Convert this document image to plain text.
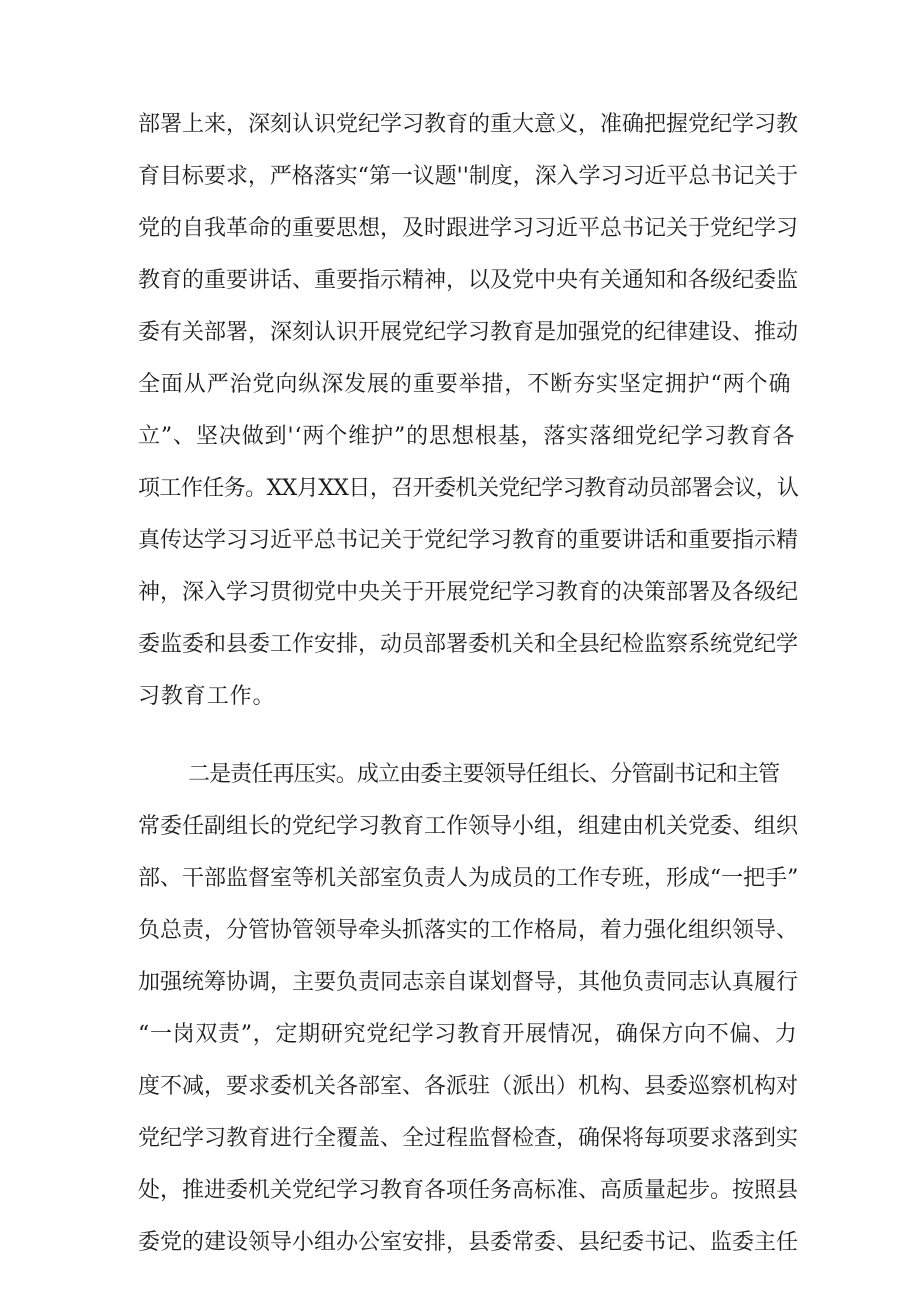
部署上来，深刻认识党纪学习教育的重大意义，准确把握党纪学习教
育目标要求，严格落实“第一议题''制度，深入学习习近平总书记关于
党的自我革命的重要思想，及时跟进学习习近平总书记关于党纪学习
教育的重要讲话、重要指示精神，以及党中央有关通知和各级纪委监
委有关部署，深刻认识开展党纪学习教育是加强党的纪律建设、推动
全面从严治党向纵深发展的重要举措，不断夯实坚定拥护“两个确
立”、坚决做到'‘两个维护”的思想根基，落实落细党纪学习教育各
项工作任务。XX月XX日，召开委机关党纪学习教育动员部署会议，认
真传达学习习近平总书记关于党纪学习教育的重要讲话和重要指示精
神，深入学习贯彻党中央关于开展党纪学习教育的决策部署及各级纪
委监委和县委工作安排，动员部署委机关和全县纪检监察系统党纪学
习教育工作。
二是责任再压实。成立由委主要领导任组长、分管副书记和主管
常委任副组长的党纪学习教育工作领导小组，组建由机关党委、组织
部、干部监督室等机关部室负责人为成员的工作专班，形成“一把手”
负总责，分管协管领导牵头抓落实的工作格局，着力强化组织领导、
加强统筹协调，主要负责同志亲自谋划督导，其他负责同志认真履行
“一岗双责”，定期研究党纪学习教育开展情况，确保方向不偏、力
度不减，要求委机关各部室、各派驻（派出）机构、县委巡察机构对
党纪学习教育进行全覆盖、全过程监督检查，确保将每项要求落到实
处，推进委机关党纪学习教育各项任务高标准、高质量起步。按照县
委党的建设领导小组办公室安排，县委常委、县纪委书记、监委主任
